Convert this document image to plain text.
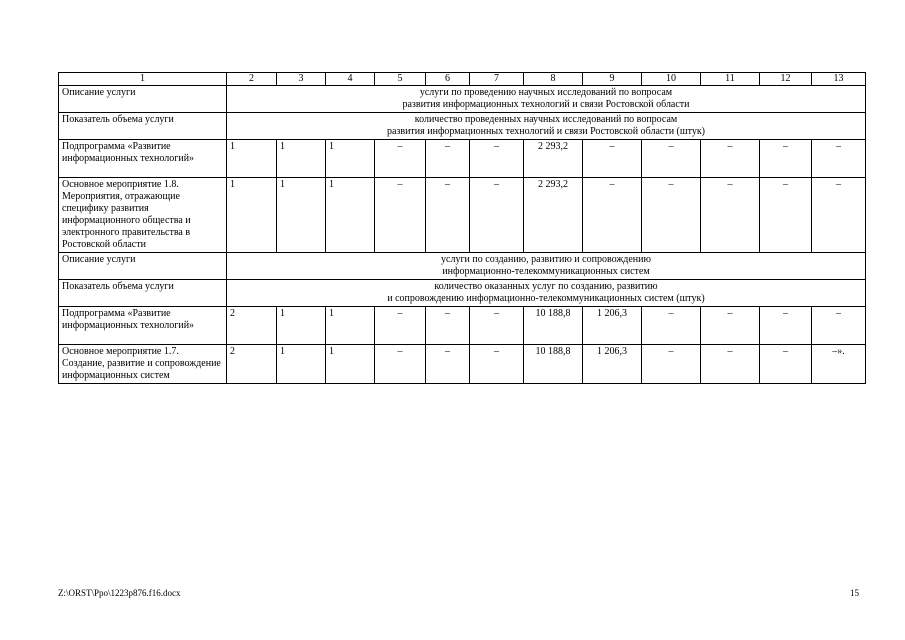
1	2	3	4	5	6	7	8	9	10	11	12	13
Описание услуги	услуги по проведению научных исследований по вопросам
развития информационных технологий и связи Ростовской области											

Показатель объема услуги	количество проведенных научных исследований по вопросам
развития информационных технологий и связи Ростовской области (штук)											

Подпрограмма «Развитие информационных технологий»	1	1	1	–	–	–	2 293,2	–	–	–	–	–
Основное мероприятие 1.8. Мероприятия, отражающие специфику развития информационного общества и электронного правительства в Ростовской области	1	1	1	–	–	–	2 293,2	–	–	–	–	–
Описание услуги	услуги по созданию, развитию и сопровождению
информационно-телекоммуникационных систем											

Показатель объема услуги	количество оказанных услуг по созданию, развитию
и сопровождению информационно-телекоммуникационных систем (штук)											

Подпрограмма «Развитие информационных технологий»	2	1	1	–	–	–	10 188,8	1 206,3	–	–	–	–
Основное мероприятие 1.7. Создание, развитие и сопровождение информационных систем	2	1	1	–	–	–	10 188,8	1 206,3	–	–	–	–».
Z:\ORST\Ppo\1223p876.f16.docx	15
